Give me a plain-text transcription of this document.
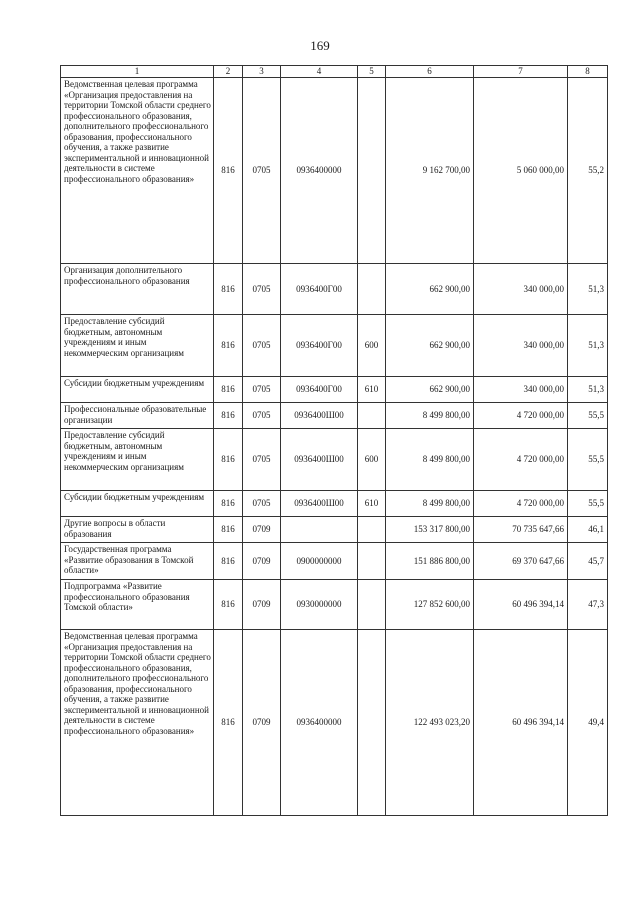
169
1	2	3	4	5	6	7	8
Ведомственная целевая программа «Организация предоставления на территории Томской области среднего профессионального образования, дополнительного профессионального образования, профессионального обучения, а также развитие экспериментальной и инновационной деятельности в системе профессионального образования»	816	0705	0936400000		9 162 700,00	5 060 000,00	55,2
Организация дополнительного профессионального образования	816	0705	0936400Г00		662 900,00	340 000,00	51,3
Предоставление субсидий бюджетным, автономным учреждениям и иным некоммерческим организациям	816	0705	0936400Г00	600	662 900,00	340 000,00	51,3
Субсидии бюджетным учреждениям	816	0705	0936400Г00	610	662 900,00	340 000,00	51,3
Профессиональные образовательные организации	816	0705	0936400Ш00		8 499 800,00	4 720 000,00	55,5
Предоставление субсидий бюджетным, автономным учреждениям и иным некоммерческим организациям	816	0705	0936400Ш00	600	8 499 800,00	4 720 000,00	55,5
Субсидии бюджетным учреждениям	816	0705	0936400Ш00	610	8 499 800,00	4 720 000,00	55,5
Другие вопросы в области образования	816	0709			153 317 800,00	70 735 647,66	46,1
Государственная программа «Развитие образования в Томской области»	816	0709	0900000000		151 886 800,00	69 370 647,66	45,7
Подпрограмма «Развитие профессионального образования Томской области»	816	0709	0930000000		127 852 600,00	60 496 394,14	47,3
Ведомственная целевая программа «Организация предоставления на территории Томской области среднего профессионального образования, дополнительного профессионального образования, профессионального обучения, а также развитие экспериментальной и инновационной деятельности в системе профессионального образования»	816	0709	0936400000		122 493 023,20	60 496 394,14	49,4
